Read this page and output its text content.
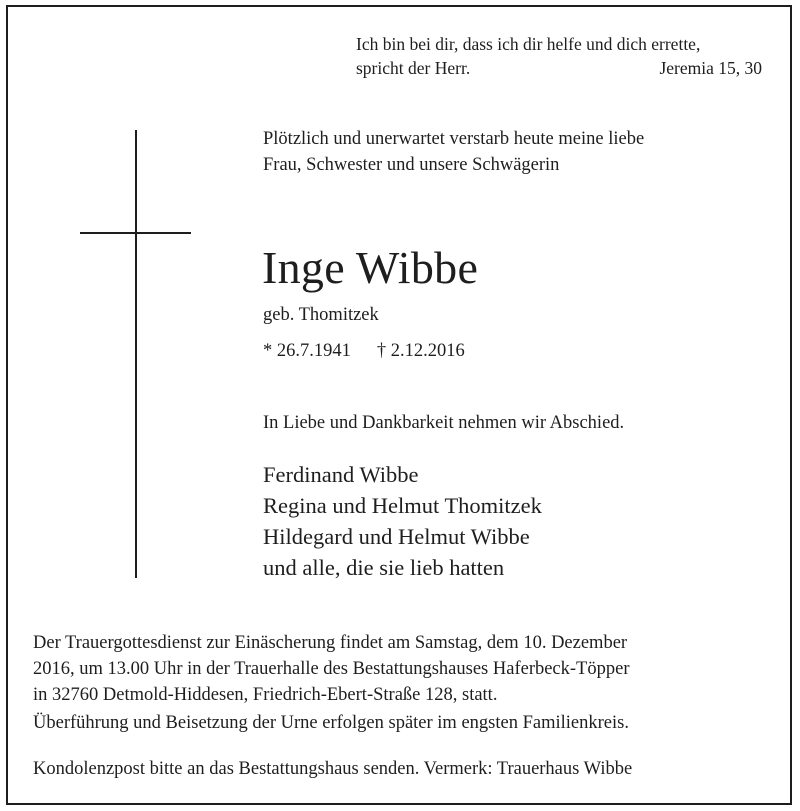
Ich bin bei dir, dass ich dir helfe und dich errette,
spricht der Herr.	Jeremia 15, 30
Plötzlich und unerwartet verstarb heute meine liebe
Frau, Schwester und unsere Schwägerin
Inge Wibbe
geb. Thomitzek
* 26.7.1941 † 2.12.2016
In Liebe und Dankbarkeit nehmen wir Abschied.
Ferdinand Wibbe
Regina und Helmut Thomitzek
Hildegard und Helmut Wibbe
und alle, die sie lieb hatten
Der Trauergottesdienst zur Einäscherung findet am Samstag, dem 10. Dezember
2016, um 13.00 Uhr in der Trauerhalle des Bestattungshauses Haferbeck-Töpper
in 32760 Detmold-Hiddesen, Friedrich-Ebert-Straße 128, statt.
Überführung und Beisetzung der Urne erfolgen später im engsten Familienkreis.
Kondolenzpost bitte an das Bestattungshaus senden. Vermerk: Trauerhaus Wibbe
